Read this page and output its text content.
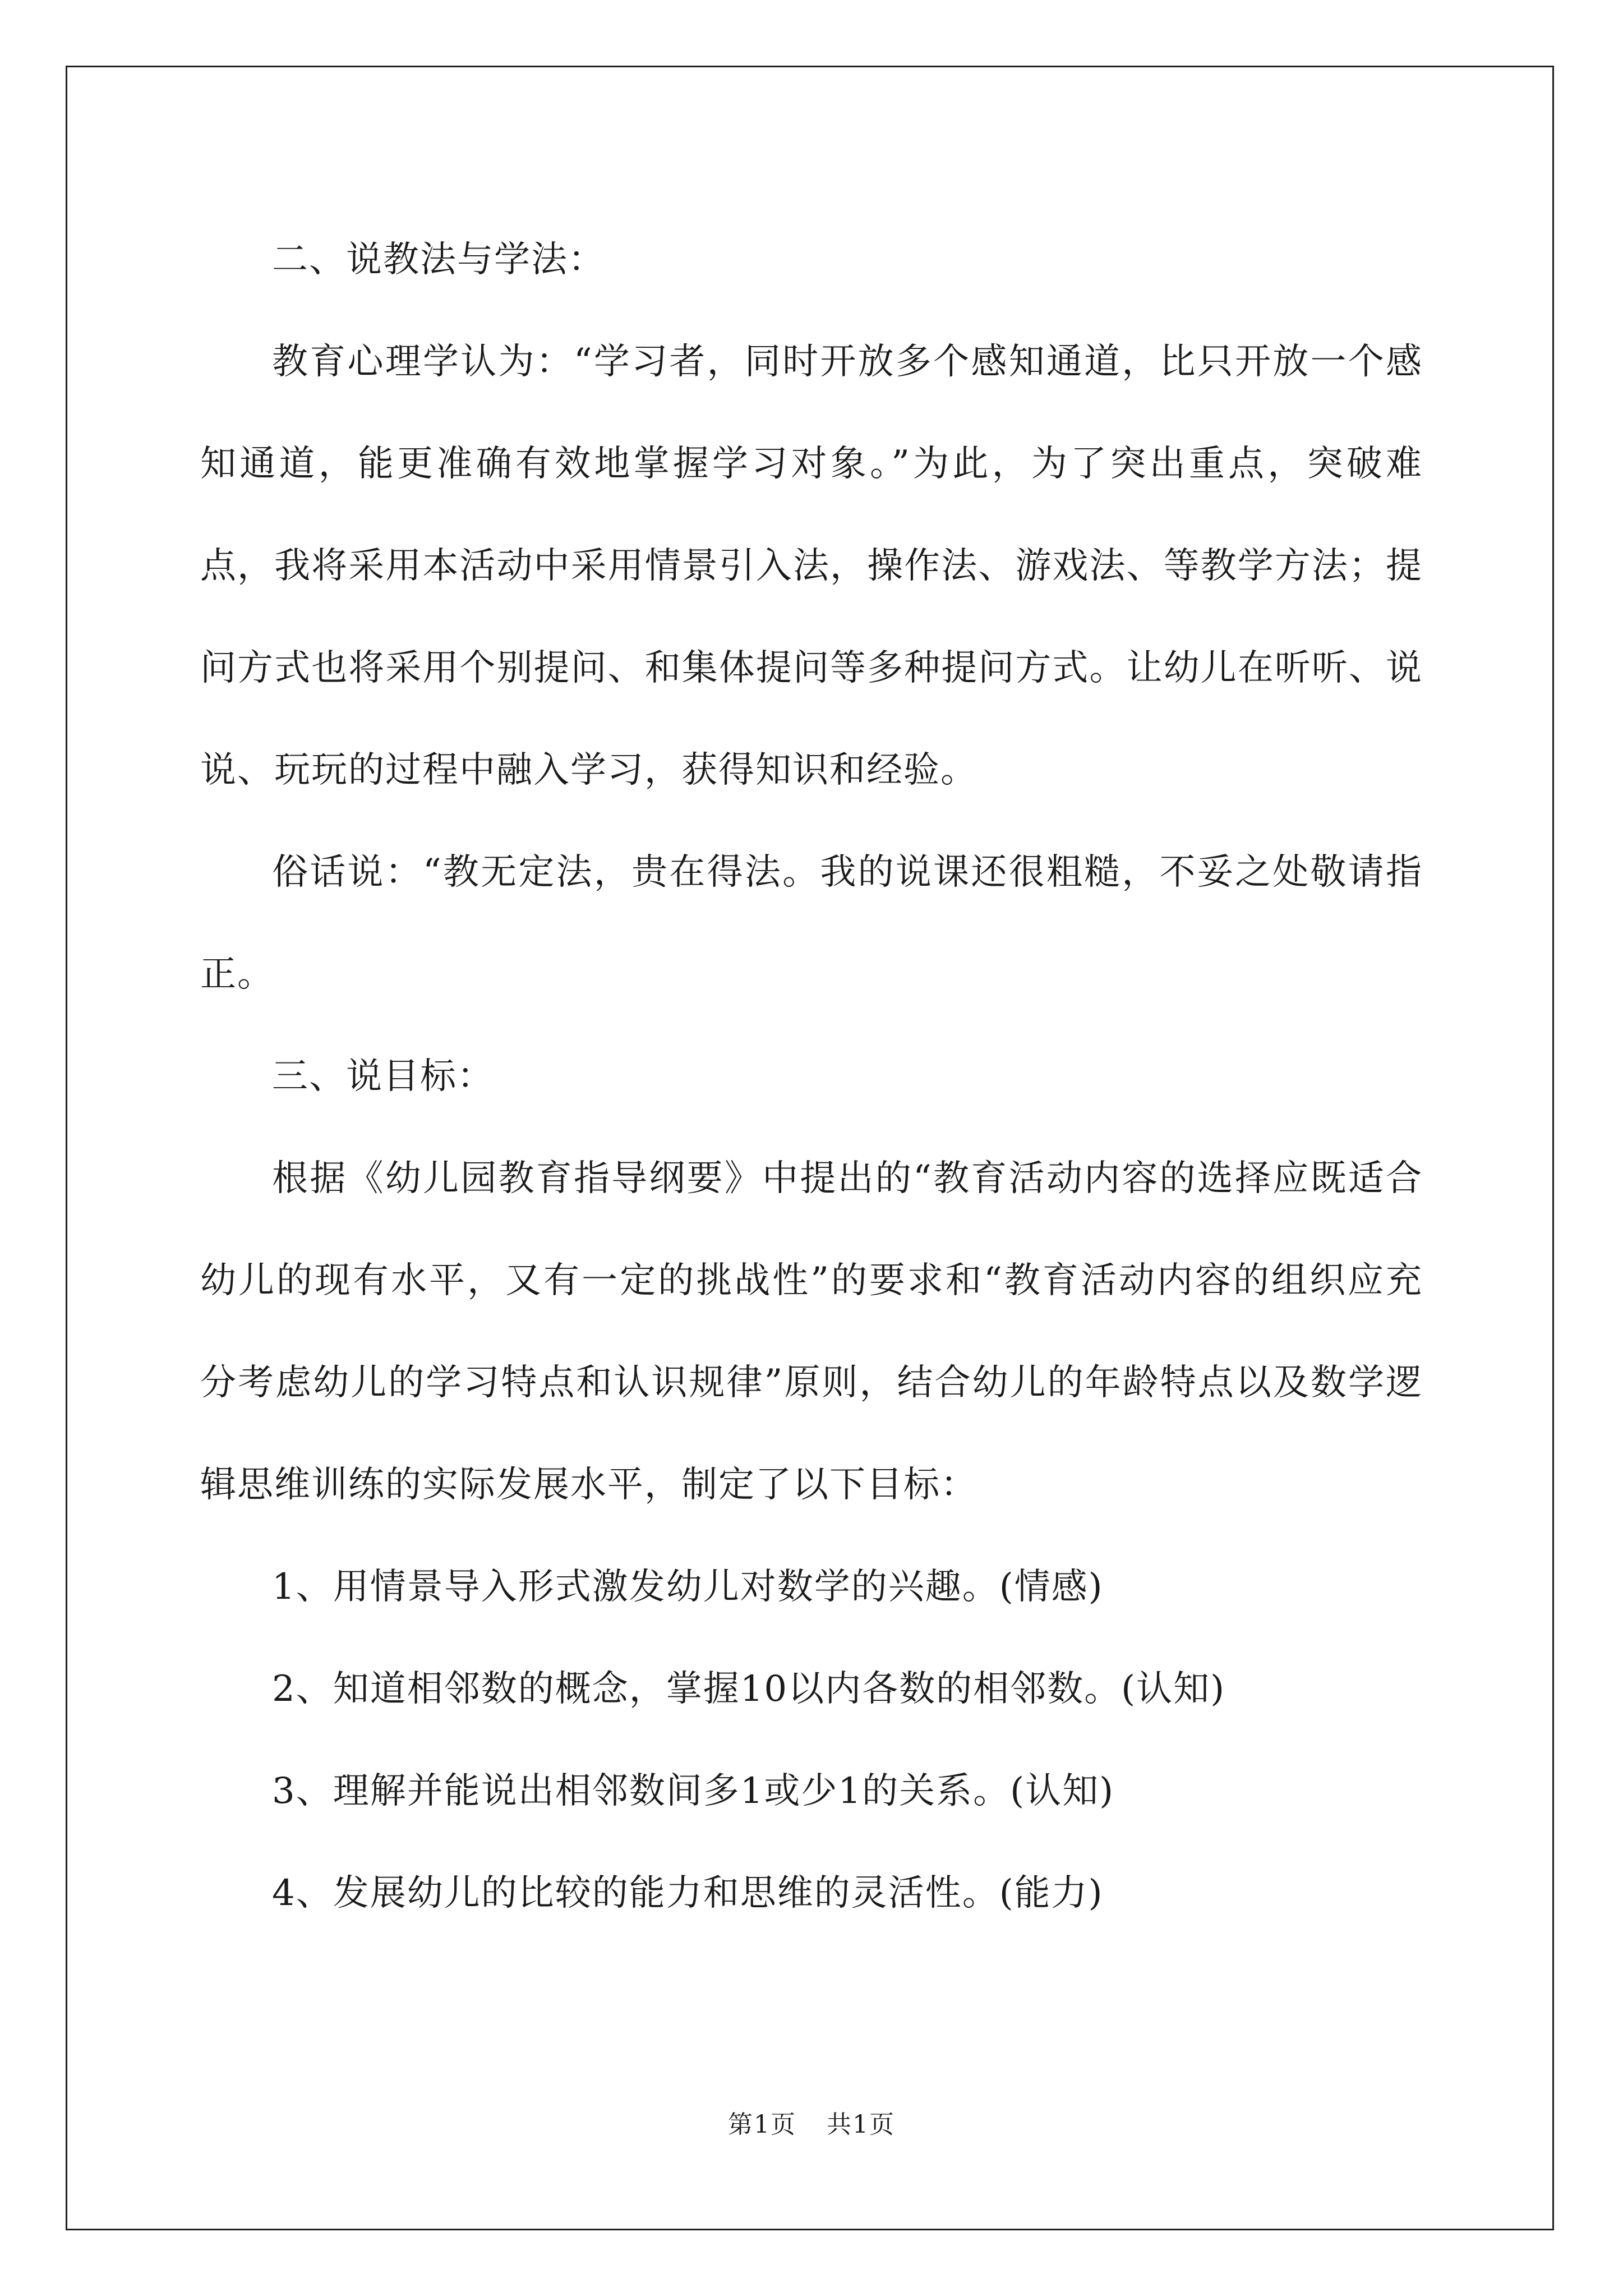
二、说教法与学法：

教育心理学认为：“学习者，同时开放多个感知通道，比只开放一个感知通道，能更准确有效地掌握学习对象。”为此，为了突出重点，突破难点，我将采用本活动中采用情景引入法，操作法、游戏法、等教学方法；提问方式也将采用个别提问、和集体提问等多种提问方式。让幼儿在听听、说说、玩玩的过程中融入学习，获得知识和经验。

俗话说：“教无定法，贵在得法。我的说课还很粗糙，不妥之处敬请指正。

三、说目标：

根据《幼儿园教育指导纲要》中提出的“教育活动内容的选择应既适合幼儿的现有水平，又有一定的挑战性”的要求和“教育活动内容的组织应充分考虑幼儿的学习特点和认识规律”原则，结合幼儿的年龄特点以及数学逻辑思维训练的实际发展水平，制定了以下目标：

1、用情景导入形式激发幼儿对数学的兴趣。(情感)

2、知道相邻数的概念，掌握10以内各数的相邻数。(认知)

3、理解并能说出相邻数间多1或少1的关系。(认知)

4、发展幼儿的比较的能力和思维的灵活性。(能力)

第1页 共1页
